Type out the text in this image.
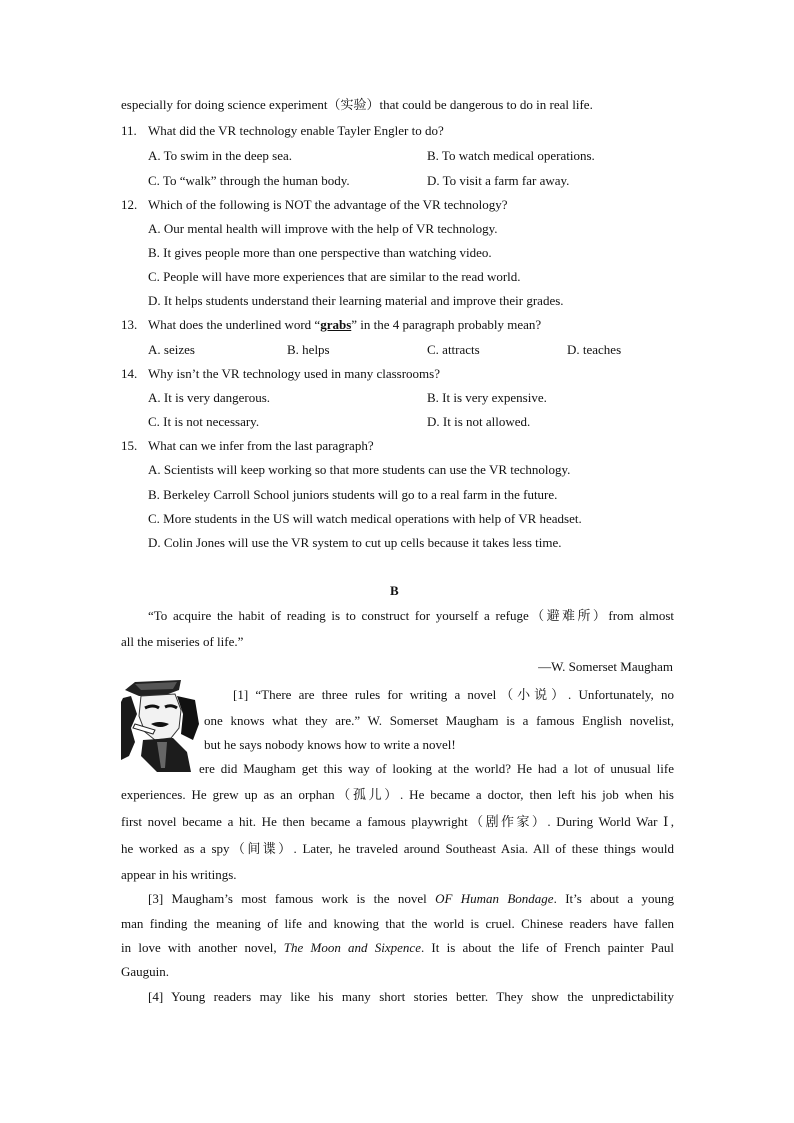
especially for doing science experiment（实验）that could be dangerous to do in real life.
11. What did the VR technology enable Tayler Engler to do?
A. To swim in the deep sea.	B. To watch medical operations.
C. To “walk” through the human body.	D. To visit a farm far away.
12. Which of the following is NOT the advantage of the VR technology?
A. Our mental health will improve with the help of VR technology.
B. It gives people more than one perspective than watching video.
C. People will have more experiences that are similar to the read world.
D. It helps students understand their learning material and improve their grades.
13. What does the underlined word “grabs” in the 4 paragraph probably mean?
A. seizes	B. helps	C. attracts	D. teaches
14. Why isn’t the VR technology used in many classrooms?
A. It is very dangerous.	B. It is very expensive.
C. It is not necessary.	D. It is not allowed.
15. What can we infer from the last paragraph?
A. Scientists will keep working so that more students can use the VR technology.
B. Berkeley Carroll School juniors students will go to a real farm in the future.
C. More students in the US will watch medical operations with help of VR headset.
D. Colin Jones will use the VR system to cut up cells because it takes less time.
B
“To acquire the habit of reading is to construct for yourself a refuge（避难所）from almost
all the miseries of life.”
—W. Somerset Maugham
[1] “There are three rules for writing a novel（小说）. Unfortunately, no
one knows what they are.” W. Somerset Maugham is a famous English novelist,
but he says nobody knows how to write a novel!
ere did Maugham get this way of looking at the world? He had a lot of unusual life
experiences. He grew up as an orphan（孤儿）. He became a doctor, then left his job when his
first novel became a hit. He then became a famous playwright（剧作家）. During World War Ⅰ,
he worked as a spy（间谍）. Later, he traveled around Southeast Asia. All of these things would
appear in his writings.
[3] Maugham’s most famous work is the novel OF Human Bondage. It’s about a young
man finding the meaning of life and knowing that the world is cruel. Chinese readers have fallen
in love with another novel, The Moon and Sixpence. It is about the life of French painter Paul
Gauguin.
[4] Young readers may like his many short stories better. They show the unpredictability
